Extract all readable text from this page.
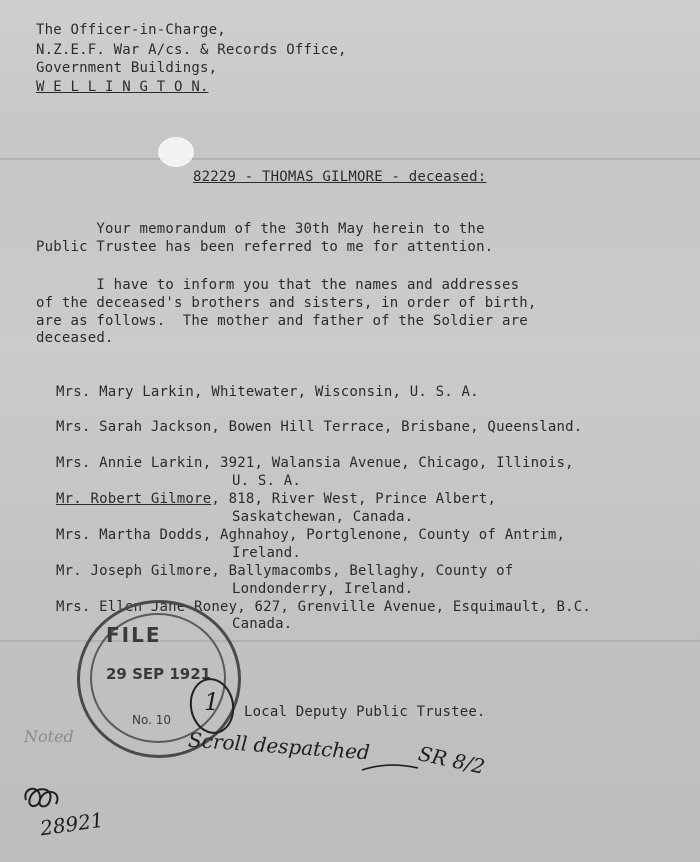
The Officer-in-Charge,
N.Z.E.F. War A/cs. & Records Office,
Government Buildings,
W E L L I N G T O N.
82229 - THOMAS GILMORE - deceased:
Your memorandum of the 30th May herein to the
Public Trustee has been referred to me for attention.
I have to inform you that the names and addresses
of the deceased's brothers and sisters, in order of birth,
are as follows.  The mother and father of the Soldier are
deceased.
Mrs. Mary Larkin, Whitewater, Wisconsin, U. S. A.
Mrs. Sarah Jackson, Bowen Hill Terrace, Brisbane, Queensland.
Mrs. Annie Larkin, 3921, Walansia Avenue, Chicago, Illinois,
U. S. A.
Mr. Robert Gilmore, 818, River West, Prince Albert,
Saskatchewan, Canada.
Mrs. Martha Dodds, Aghnahoy, Portglenone, County of Antrim,
Ireland.
Mr. Joseph Gilmore, Ballymacombs, Bellaghy, County of
Londonderry, Ireland.
Mrs. Ellen Jane Roney, 627, Grenville Avenue, Esquimault, B.C.
Canada.
FILE
29 SEP 1921
No. 10
1 Local Deputy Public Trustee.
Noted	Scroll despatched SR 8/2
28921
